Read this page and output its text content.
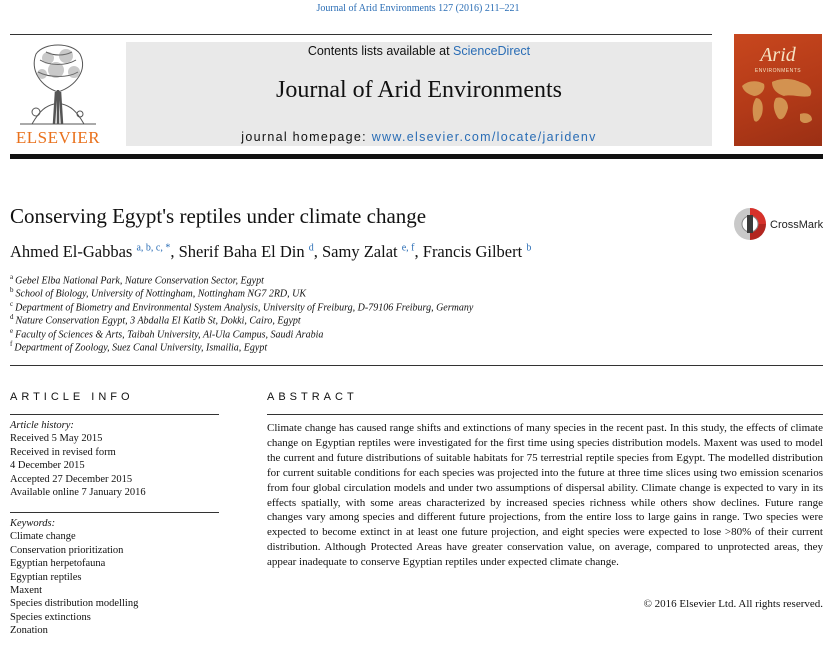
Journal of Arid Environments 127 (2016) 211–221
ELSEVIER
Contents lists available at ScienceDirect
Journal of Arid Environments
journal homepage: www.elsevier.com/locate/jaridenv
Arid
ENVIRONMENTS
Conserving Egypt's reptiles under climate change	CrossMark
Ahmed El-Gabbas $^{a, b, c, *}$, Sherif Baha El Din $^d$, Samy Zalat $^{e, f}$, Francis Gilbert $^b$
$^a$ Gebel Elba National Park, Nature Conservation Sector, Egypt
$^b$ School of Biology, University of Nottingham, Nottingham NG7 2RD, UK
$^c$ Department of Biometry and Environmental System Analysis, University of Freiburg, D-79106 Freiburg, Germany
$^d$ Nature Conservation Egypt, 3 Abdalla El Katib St, Dokki, Cairo, Egypt
$^e$ Faculty of Sciences & Arts, Taibah University, Al-Ula Campus, Saudi Arabia
$^f$ Department of Zoology, Suez Canal University, Ismailia, Egypt
ARTICLE INFO	ABSTRACT
Article history:
Received 5 May 2015
Received in revised form
4 December 2015
Accepted 27 December 2015
Available online 7 January 2016
Keywords:
Climate change
Conservation prioritization
Egyptian herpetofauna
Egyptian reptiles
Maxent
Species distribution modelling
Species extinctions
Zonation
Climate change has caused range shifts and extinctions of many species in the recent past. In this study, the effects of climate change on Egyptian reptiles were investigated for the first time using species distribution models. Maxent was used to model the current and future distributions of suitable habitats for 75 terrestrial reptile species from Egypt. The modelled distribution for current suitable conditions for each species was projected into the future at three time slices using two emission scenarios from four global circulation models and under two assumptions of dispersal ability. Climate change is expected to vary in its effects spatially, with some areas characterized by increased species richness while others show declines. Future range changes vary among species and different future projections, from the entire loss to large gains in range. Two species were expected to become extinct in at least one future projection, and eight species were expected to lose >80% of their current distribution. Although Protected Areas have greater conservation value, on average, compared to unprotected areas, they appear inadequate to conserve Egyptian reptiles under expected climate change.
© 2016 Elsevier Ltd. All rights reserved.
